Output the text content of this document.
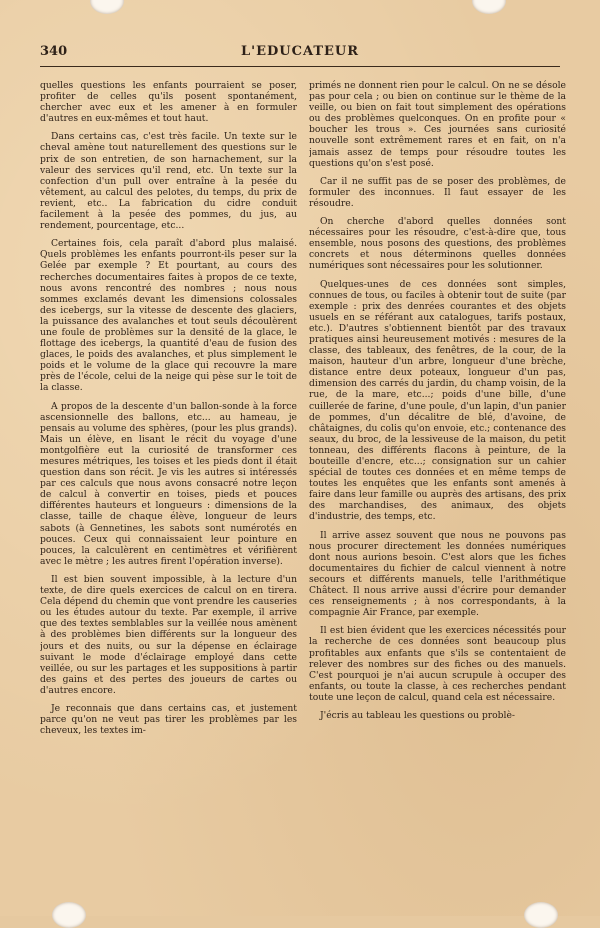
340	L'EDUCATEUR

quelles questions les enfants pourraient se poser, profiter de celles qu'ils posent spontanément, chercher avec eux et les amener à en formuler d'autres en eux-mêmes et tout haut.

Dans certains cas, c'est très facile. Un texte sur le cheval amène tout naturellement des questions sur le prix de son entretien, de son harnachement, sur la valeur des services qu'il rend, etc. Un texte sur la confection d'un pull over entraîne à la pesée du vêtement, au calcul des pelotes, du temps, du prix de revient, etc.. La fabrication du cidre conduit facilement à la pesée des pommes, du jus, au rendement, pourcentage, etc...

Certaines fois, cela paraît d'abord plus malaisé. Quels problèmes les enfants pourront-ils peser sur la Gelée par exemple ? Et pourtant, au cours des recherches documentaires faites à propos de ce texte, nous avons rencontré des nombres ; nous nous sommes exclamés devant les dimensions colossales des icebergs, sur la vitesse de descente des glaciers, la puissance des avalanches et tout seuls découlèrent une foule de problèmes sur la densité de la glace, le flottage des icebergs, la quantité d'eau de fusion des glaces, le poids des avalanches, et plus simplement le poids et le volume de la glace qui recouvre la mare près de l'école, celui de la neige qui pèse sur le toit de la classe.

A propos de la descente d'un ballon-sonde à la force ascensionnelle des ballons, etc... au hameau, je pensais au volume des sphères, (pour les plus grands). Mais un élève, en lisant le récit du voyage d'une montgolfière eut la curiosité de transformer ces mesures métriques, les toises et les pieds dont il était question dans son récit. Je vis les autres si intéressés par ces calculs que nous avons consacré notre leçon de calcul à convertir en toises, pieds et pouces différentes hauteurs et longueurs : dimensions de la classe, taille de chaque élève, longueur de leurs sabots (à Gennetines, les sabots sont numérotés en pouces. Ceux qui connaissaient leur pointure en pouces, la calculèrent en centimètres et vérifièrent avec le mètre ; les autres firent l'opération inverse).

Il est bien souvent impossible, à la lecture d'un texte, de dire quels exercices de calcul on en tirera. Cela dépend du chemin que vont prendre les causeries ou les études autour du texte. Par exemple, il arrive que des textes semblables sur la veillée nous amènent à des problèmes bien différents sur la longueur des jours et des nuits, ou sur la dépense en éclairage suivant le mode d'éclairage employé dans cette veillée, ou sur les partages et les suppositions à partir des gains et des pertes des joueurs de cartes ou d'autres encore.

Je reconnais que dans certains cas, et justement parce qu'on ne veut pas tirer les problèmes par les cheveux, les textes im-

primés ne donnent rien pour le calcul. On ne se désole pas pour cela ; ou bien on continue sur le thème de la veille, ou bien on fait tout simplement des opérations ou des problèmes quelconques. On en profite pour « boucher les trous ». Ces journées sans curiosité nouvelle sont extrêmement rares et en fait, on n'a jamais assez de temps pour résoudre toutes les questions qu'on s'est posé.

Car il ne suffit pas de se poser des problèmes, de formuler des inconnues. Il faut essayer de les résoudre.

On cherche d'abord quelles données sont nécessaires pour les résoudre, c'est-à-dire que, tous ensemble, nous posons des questions, des problèmes concrets et nous déterminons quelles données numériques sont nécessaires pour les solutionner.

Quelques-unes de ces données sont simples, connues de tous, ou faciles à obtenir tout de suite (par exemple : prix des denrées courantes et des objets usuels en se référant aux catalogues, tarifs postaux, etc.). D'autres s'obtiennent bientôt par des travaux pratiques ainsi heureusement motivés : mesures de la classe, des tableaux, des fenêtres, de la cour, de la maison, hauteur d'un arbre, longueur d'une brèche, distance entre deux poteaux, longueur d'un pas, dimension des carrés du jardin, du champ voisin, de la rue, de la mare, etc...; poids d'une bille, d'une cuillerée de farine, d'une poule, d'un lapin, d'un panier de pommes, d'un décalitre de blé, d'avoine, de châtaignes, du colis qu'on envoie, etc.; contenance des seaux, du broc, de la lessiveuse de la maison, du petit tonneau, des différents flacons à peinture, de la bouteille d'encre, etc...; consignation sur un cahier spécial de toutes ces données et en même temps de toutes les enquêtes que les enfants sont amenés à faire dans leur famille ou auprès des artisans, des prix des marchandises, des animaux, des objets d'industrie, des temps, etc.

Il arrive assez souvent que nous ne pouvons pas nous procurer directement les données numériques dont nous aurions besoin. C'est alors que les fiches documentaires du fichier de calcul viennent à notre secours et différents manuels, telle l'arithmétique Châtect. Il nous arrive aussi d'écrire pour demander ces renseignements ; à nos correspondants, à la compagnie Air France, par exemple.

Il est bien évident que les exercices nécessités pour la recherche de ces données sont beaucoup plus profitables aux enfants que s'ils se contentaient de relever des nombres sur des fiches ou des manuels. C'est pourquoi je n'ai aucun scrupule à occuper des enfants, ou toute la classe, à ces recherches pendant toute une leçon de calcul, quand cela est nécessaire.

J'écris au tableau les questions ou problè-
